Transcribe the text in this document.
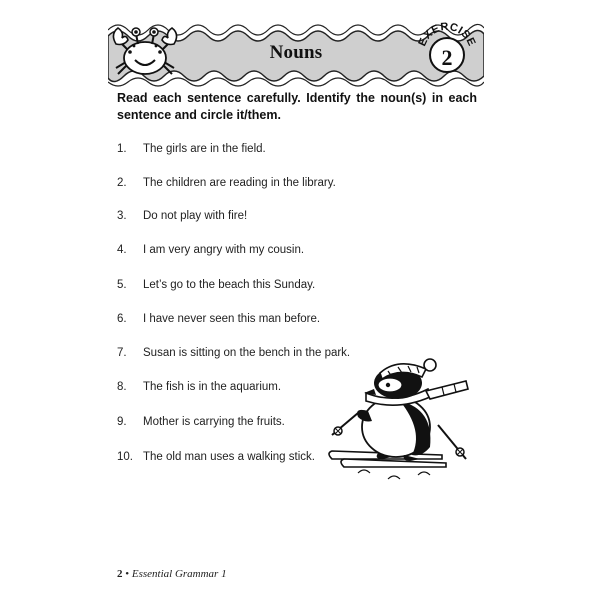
Nouns	EXERCISE

2

Read each sentence carefully. Identify the noun(s) in each sentence and circle it/them.

1. The girls are in the field.
2. The children are reading in the library.
3. Do not play with fire!
4. I am very angry with my cousin.
5. Let’s go to the beach this Sunday.
6. I have never seen this man before.
7. Susan is sitting on the bench in the park.
8. The fish is in the aquarium.
9. Mother is carrying the fruits.
10. The old man uses a walking stick.
2 • Essential Grammar 1
